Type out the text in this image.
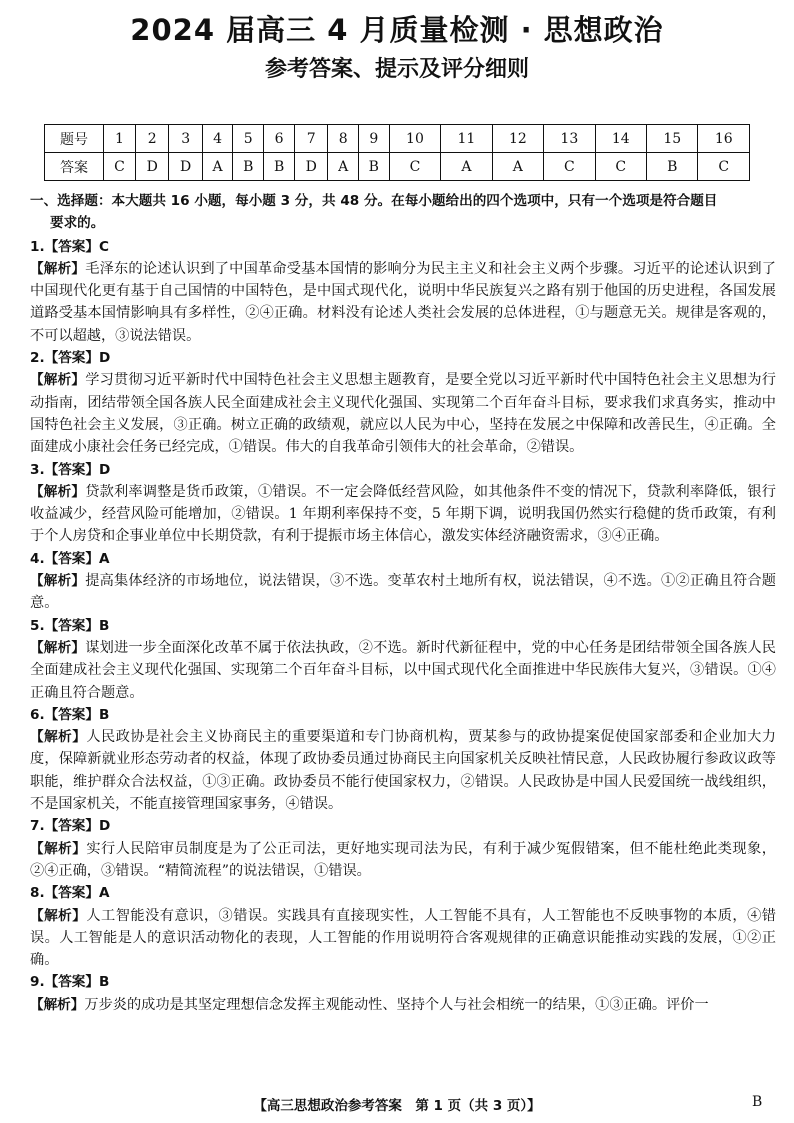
2024 届高三 4 月质量检测 · 思想政治
参考答案、提示及评分细则
题号	1	2	3	4	5	6	7	8	9	10	11	12	13	14	15	16
答案	C	D	D	A	B	B	D	A	B	C	A	A	C	C	B	C
一、选择题：本大题共 16 小题，每小题 3 分，共 48 分。在每小题给出的四个选项中，只有一个选项是符合题目
要求的。
1.【答案】C
【解析】毛泽东的论述认识到了中国革命受基本国情的影响分为民主主义和社会主义两个步骤。习近平的论述认识到了中国现代化更有基于自己国情的中国特色，是中国式现代化，说明中华民族复兴之路有别于他国的历史进程，各国发展道路受基本国情影响具有多样性，②④正确。材料没有论述人类社会发展的总体进程，①与题意无关。规律是客观的，不可以超越，③说法错误。
2.【答案】D
【解析】学习贯彻习近平新时代中国特色社会主义思想主题教育，是要全党以习近平新时代中国特色社会主义思想为行动指南，团结带领全国各族人民全面建成社会主义现代化强国、实现第二个百年奋斗目标，要求我们求真务实，推动中国特色社会主义发展，③正确。树立正确的政绩观，就应以人民为中心，坚持在发展之中保障和改善民生，④正确。全面建成小康社会任务已经完成，①错误。伟大的自我革命引领伟大的社会革命，②错误。
3.【答案】D
【解析】贷款利率调整是货币政策，①错误。不一定会降低经营风险，如其他条件不变的情况下，贷款利率降低，银行收益减少，经营风险可能增加，②错误。1 年期利率保持不变，5 年期下调，说明我国仍然实行稳健的货币政策，有利于个人房贷和企事业单位中长期贷款，有利于提振市场主体信心，激发实体经济融资需求，③④正确。
4.【答案】A
【解析】提高集体经济的市场地位，说法错误，③不选。变革农村土地所有权，说法错误，④不选。①②正确且符合题意。
5.【答案】B
【解析】谋划进一步全面深化改革不属于依法执政，②不选。新时代新征程中，党的中心任务是团结带领全国各族人民全面建成社会主义现代化强国、实现第二个百年奋斗目标，以中国式现代化全面推进中华民族伟大复兴，③错误。①④正确且符合题意。
6.【答案】B
【解析】人民政协是社会主义协商民主的重要渠道和专门协商机构，贾某参与的政协提案促使国家部委和企业加大力度，保障新就业形态劳动者的权益，体现了政协委员通过协商民主向国家机关反映社情民意，人民政协履行参政议政等职能，维护群众合法权益，①③正确。政协委员不能行使国家权力，②错误。人民政协是中国人民爱国统一战线组织，不是国家机关，不能直接管理国家事务，④错误。
7.【答案】D
【解析】实行人民陪审员制度是为了公正司法，更好地实现司法为民，有利于减少冤假错案，但不能杜绝此类现象，②④正确，③错误。“精简流程”的说法错误，①错误。
8.【答案】A
【解析】人工智能没有意识，③错误。实践具有直接现实性，人工智能不具有，人工智能也不反映事物的本质，④错误。人工智能是人的意识活动物化的表现，人工智能的作用说明符合客观规律的正确意识能推动实践的发展，①②正确。
9.【答案】B
【解析】万步炎的成功是其坚定理想信念发挥主观能动性、坚持个人与社会相统一的结果，①③正确。评价一
【高三思想政治参考答案　第 1 页（共 3 页）】	B
